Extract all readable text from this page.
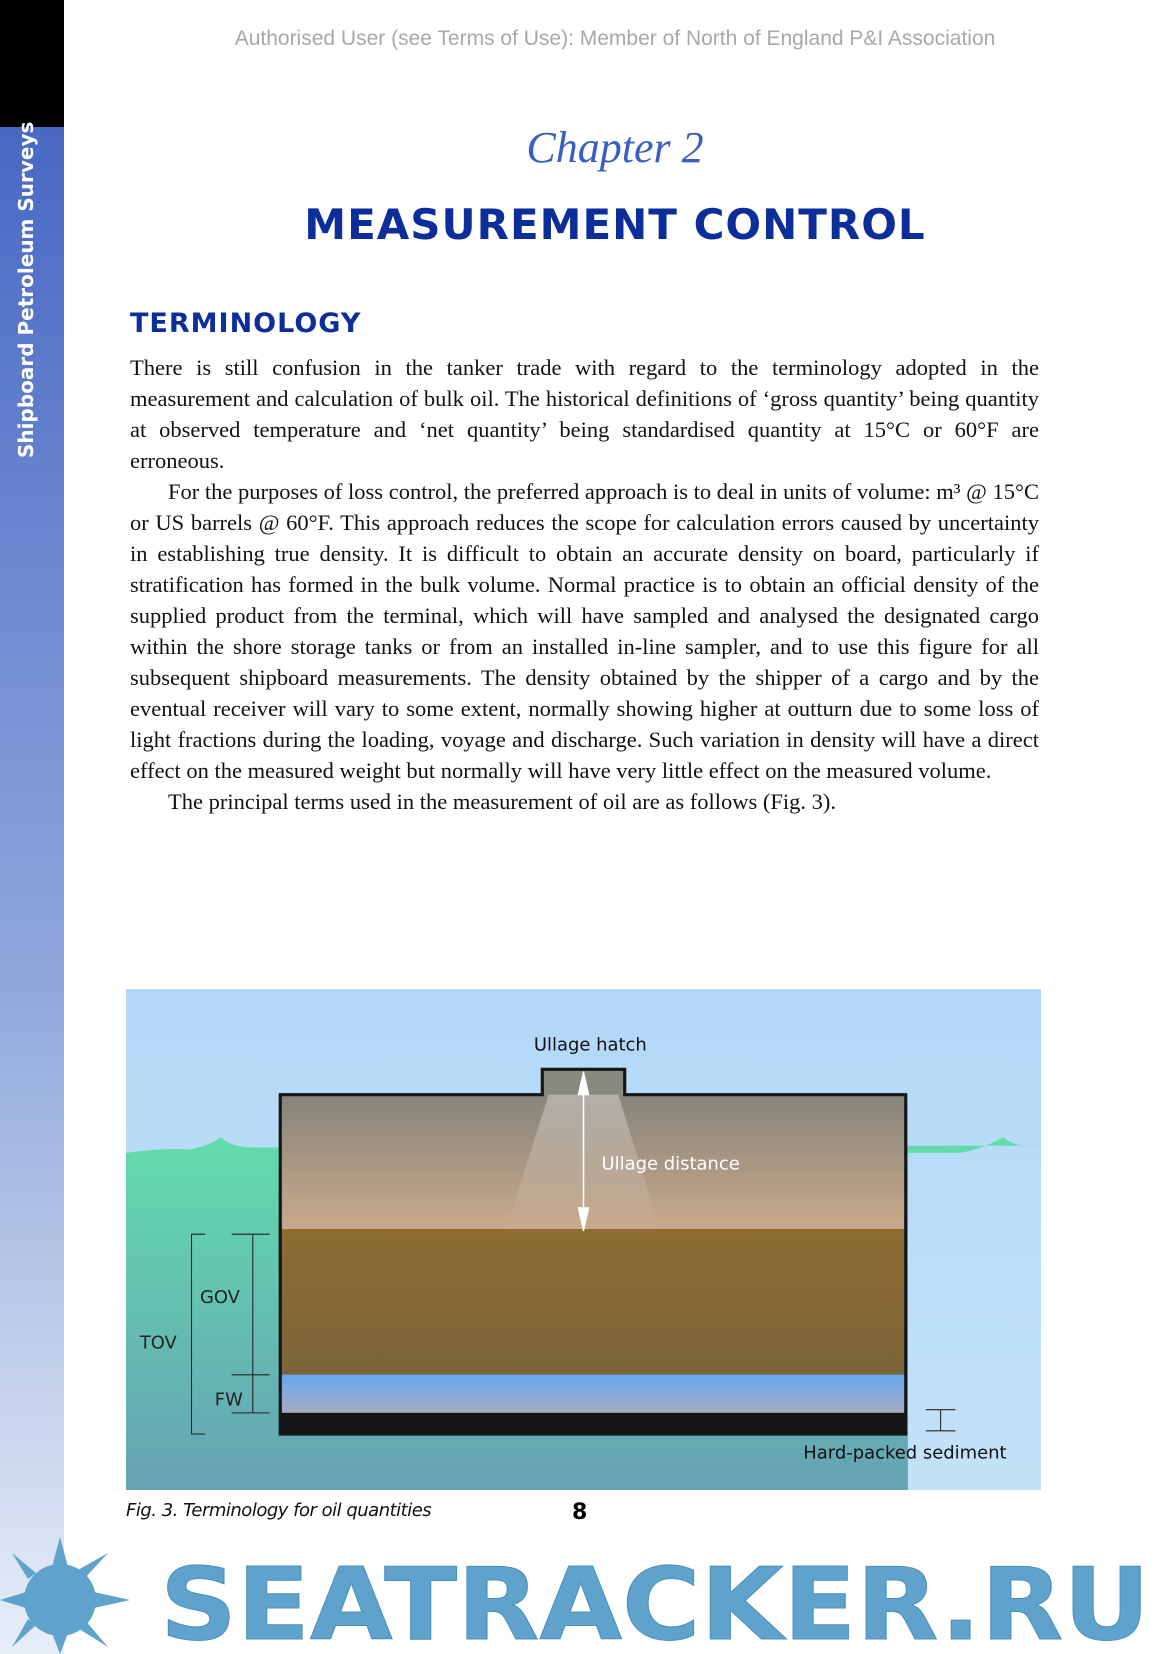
Shipboard Petroleum Surveys
Authorised User (see Terms of Use): Member of North of England P&I Association
Chapter 2
MEASUREMENT CONTROL
TERMINOLOGY

There is still confusion in the tanker trade with regard to the terminology adopted in the measurement and calculation of bulk oil. The historical definitions of ‘gross quantity’ being quantity at observed temperature and ‘net quantity’ being standardised quantity at 15°C or 60°F are erroneous.

For the purposes of loss control, the preferred approach is to deal in units of volume: m³ @ 15°C or US barrels @ 60°F. This approach reduces the scope for calculation errors caused by uncertainty in establishing true density. It is difficult to obtain an accurate density on board, particularly if stratification has formed in the bulk volume. Normal practice is to obtain an official density of the supplied product from the terminal, which will have sampled and analysed the designated cargo within the shore storage tanks or from an installed in-line sampler, and to use this figure for all subsequent shipboard measurements. The density obtained by the shipper of a cargo and by the eventual receiver will vary to some extent, normally showing higher at outturn due to some loss of light fractions during the loading, voyage and discharge. Such variation in density will have a direct effect on the measured weight but normally will have very little effect on the measured volume.

The principal terms used in the measurement of oil are as follows (Fig. 3).

Ullage hatch
Ullage distance
GOV
TOV
FW
Hard-packed sediment
Fig. 3. Terminology for oil quantities	8
SEATRACKER.RU
